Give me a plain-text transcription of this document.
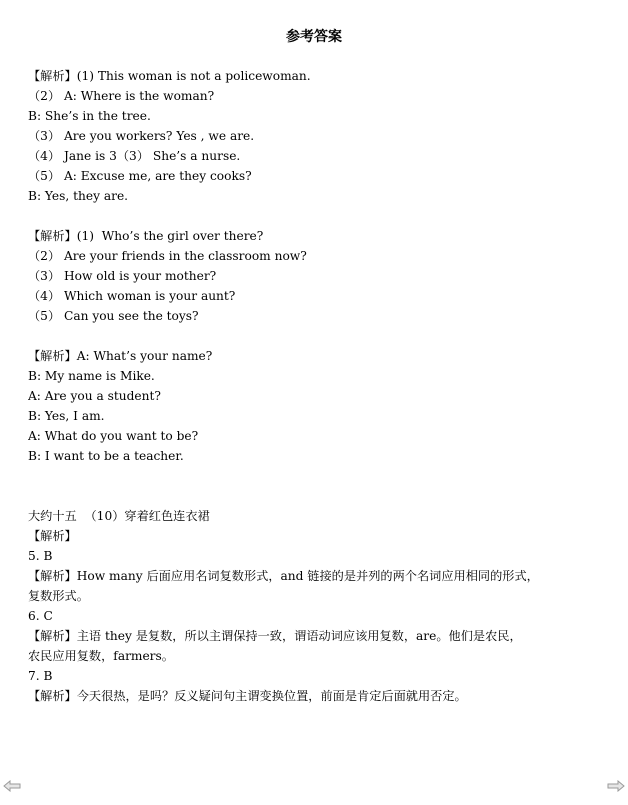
参考答案

【解析】(1) This woman is not a policewoman.
（2） A: Where is the woman?
B: She’s in the tree.
（3） Are you workers? Yes , we are.
（4） Jane is 3（3） She’s a nurse.
（5） A: Excuse me, are they cooks?
B: Yes, they are.

【解析】(1)  Who’s the girl over there?
（2） Are your friends in the classroom now?
（3） How old is your mother?
（4） Which woman is your aunt?
（5） Can you see the toys?

【解析】A: What’s your name?
B: My name is Mike.
A: Are you a student?
B: Yes, I am.
A: What do you want to be?
B: I want to be a teacher.

大约十五  （10）穿着红色连衣裙
【解析】
5. B
【解析】How many 后面应用名词复数形式，and 链接的是并列的两个名词应用相同的形式，
复数形式。
6. C
【解析】主语 they 是复数，所以主谓保持一致，谓语动词应该用复数，are。他们是农民，
农民应用复数，farmers。
7. B
【解析】今天很热，是吗？反义疑问句主谓变换位置，前面是肯定后面就用否定。
